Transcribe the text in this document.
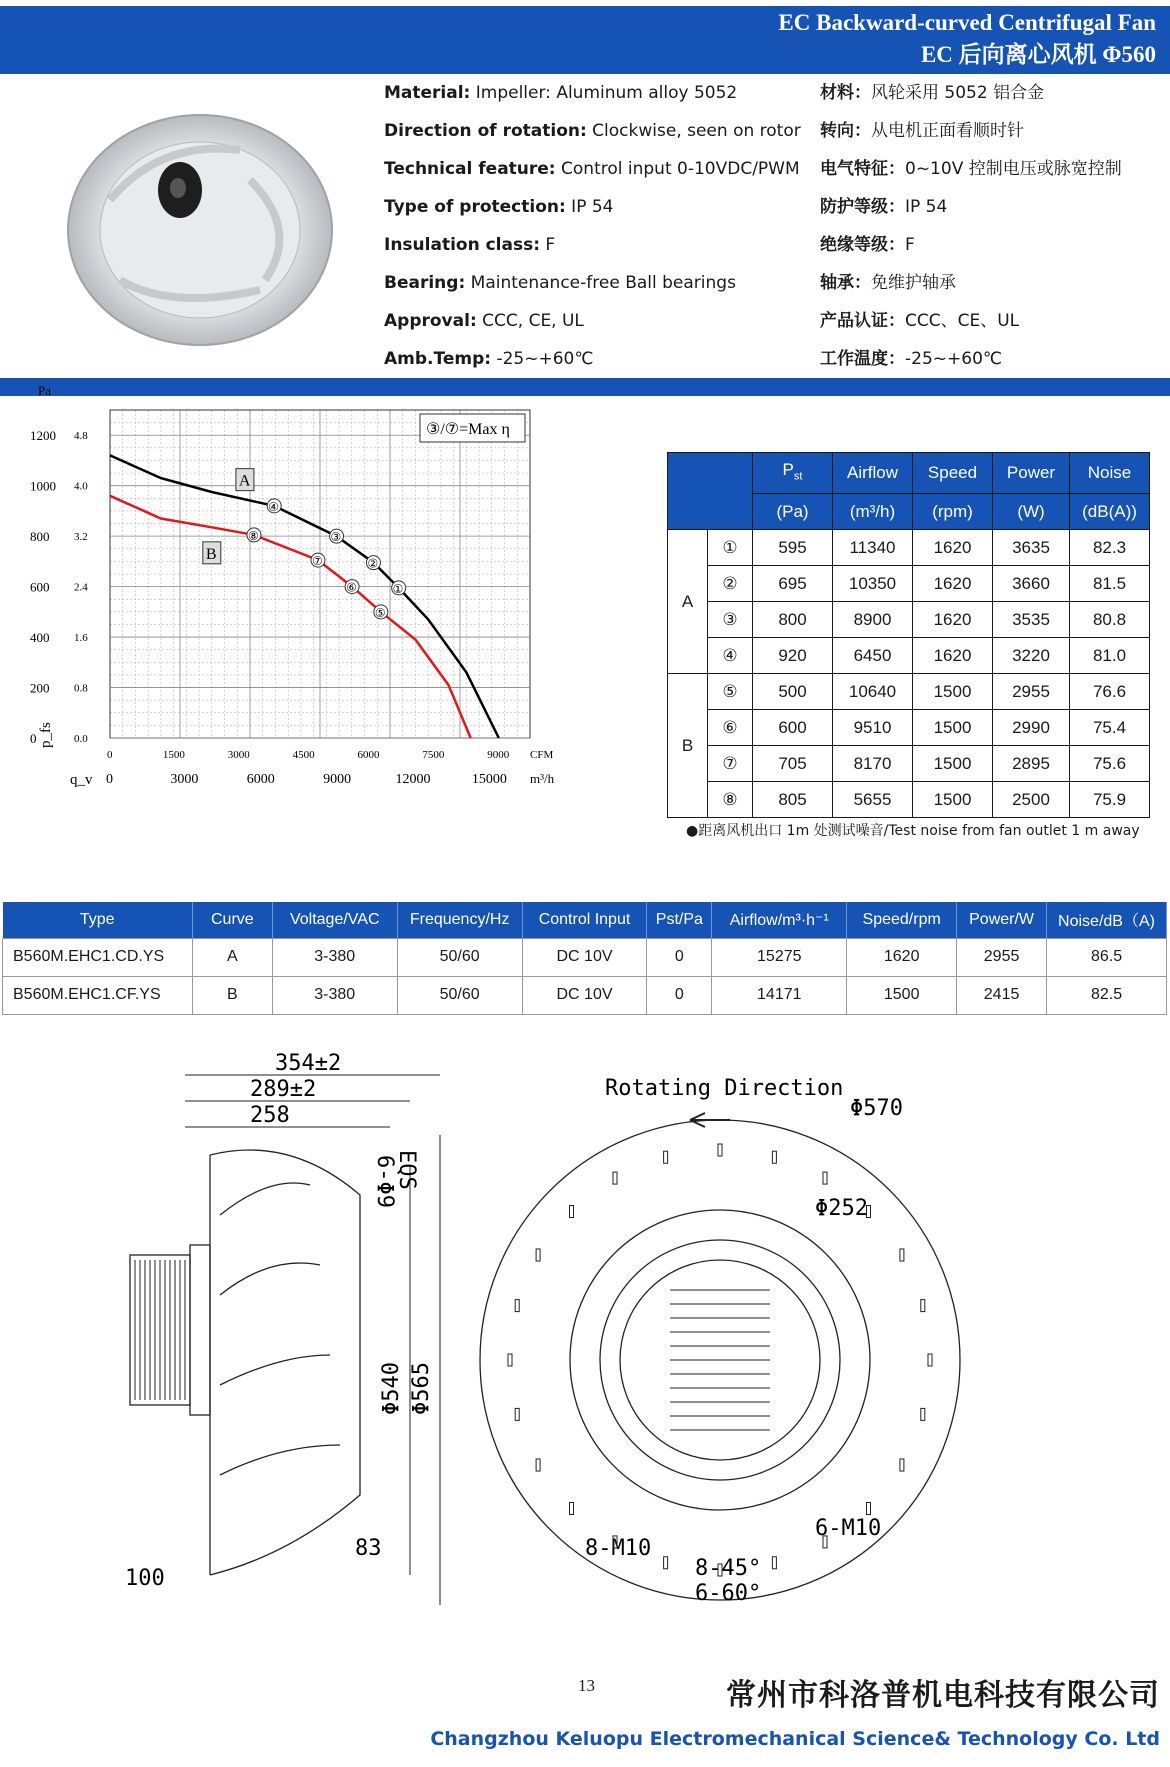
EC Backward-curved Centrifugal Fan
EC 后向离心风机 Φ560
Material: Impeller: Aluminum alloy 5052
Direction of rotation: Clockwise, seen on rotor
Technical feature: Control input 0-10VDC/PWM
Type of protection: IP 54
Insulation class: F
Bearing: Maintenance-free Ball bearings
Approval: CCC, CE, UL
Amb.Temp: -25~+60℃
材料：风轮采用 5052 铝合金
转向：从电机正面看顺时针
电气特征：0~10V 控制电压或脉宽控制
防护等级：IP 54
绝缘等级：F
轴承：免维护轴承
产品认证：CCC、CE、UL
工作温度：-25~+60℃
0
200
400
600
800
1000
1200
0.0
0.8
1.6
2.4
3.2
4.0
4.8
Pa
0	1500	3000	4500	6000	7500	9000
0	3000	6000	9000	12000	15000
CFM
m³/h
q_v
p_fs
③/⑦=Max η
①
②
③
④
⑤
⑥
⑦
⑧
A
B
		$P_{st}$	Airflow	Speed	Power	Noise
		(Pa)	(m³/h)	(rpm)	(W)	(dB(A))
A	①	595	11340	1620	3635	82.3
	②	695	10350	1620	3660	81.5
	③	800	8900	1620	3535	80.8
	④	920	6450	1620	3220	81.0
B	⑤	500	10640	1500	2955	76.6
	⑥	600	9510	1500	2990	75.4
	⑦	705	8170	1500	2895	75.6
	⑧	805	5655	1500	2500	75.9
●距离风机出口 1m 处测试噪音/Test noise from fan outlet 1 m away
Type	Curve	Voltage/VAC	Frequency/Hz	Control Input	Pst/Pa	Airflow/m³·h⁻¹	Speed/rpm	Power/W	Noise/dB（A)
B560M.EHC1.CD.YS	A	3-380	50/60	DC 10V	0	15275	1620	2955	86.5
B560M.EHC1.CF.YS	B	3-380	50/60	DC 10V	0	14171	1500	2415	82.5
354±2
289±2
258
Φ540 Φ565
6-Φ9
EQS
83
100
Rotating Direction
Φ570
Φ252
6-M10
8-M10
8-45°
6-60°
13	常州市科洛普机电科技有限公司
Changzhou Keluopu Electromechanical Science& Technology Co. Ltd
